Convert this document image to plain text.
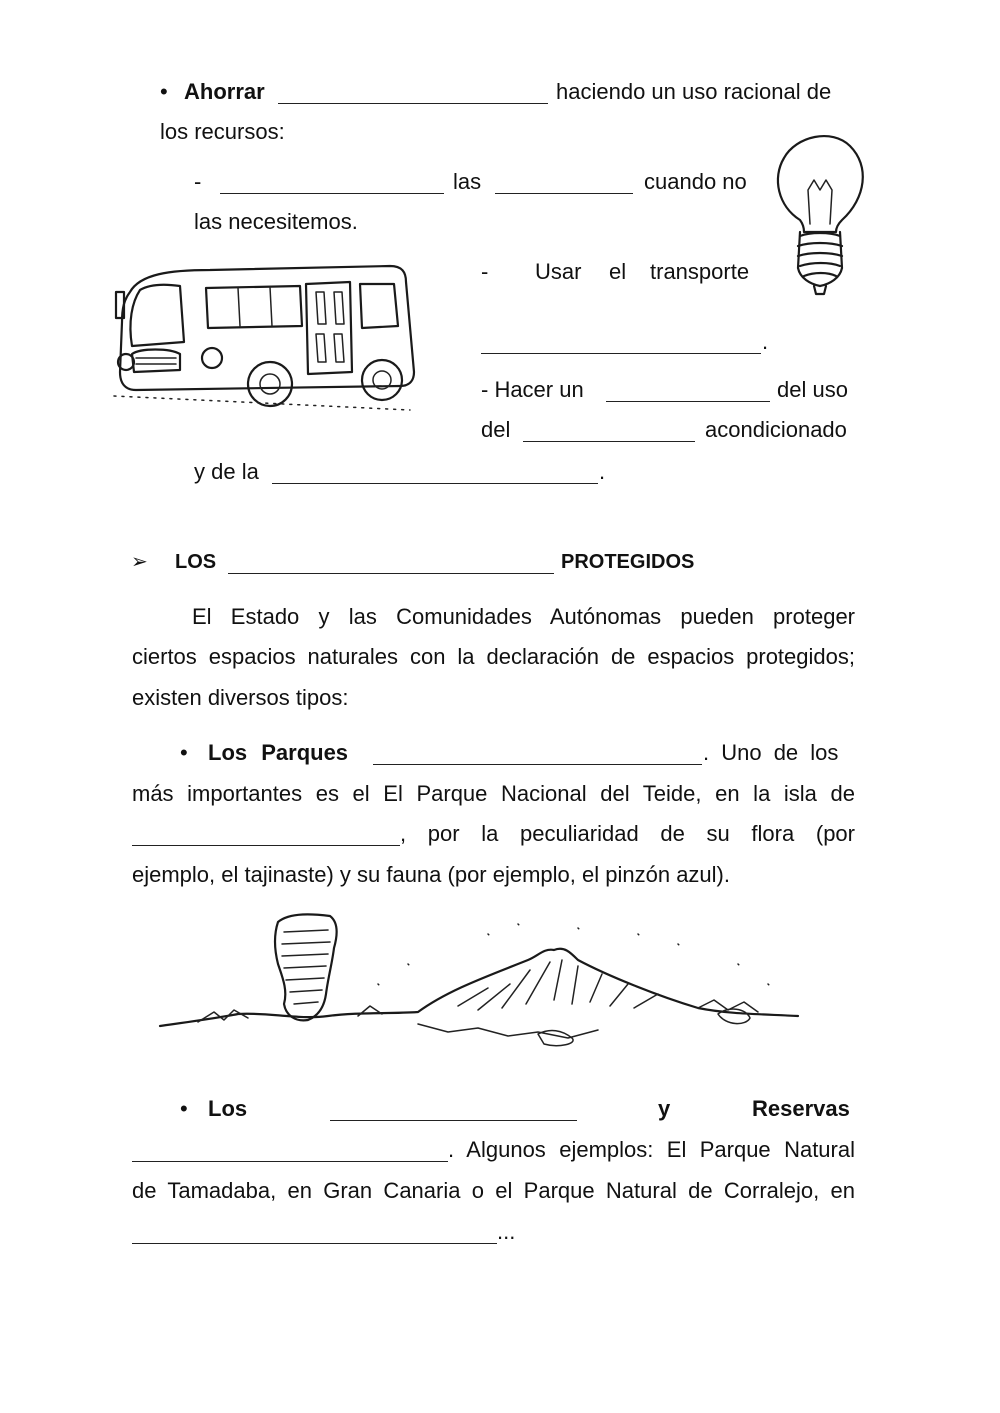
• Ahorrar	haciendo un uso racional de
los recursos:
-	las	cuando no
las necesitemos.
- Usar el transporte
.
- Hacer un	del uso
del	acondicionado
y de la	.
➢ LOS	PROTEGIDOS
El Estado y las Comunidades Autónomas pueden proteger
ciertos espacios naturales con la declaración de espacios protegidos;
existen diversos tipos:
• Los Parques	. Uno de los
más importantes es el El Parque Nacional del Teide, en la isla de
, por la peculiaridad de su flora (por
ejemplo, el tajinaste) y su fauna (por ejemplo, el pinzón azul).
• Los	y	Reservas
. Algunos ejemplos: El Parque Natural
de Tamadaba, en Gran Canaria o el Parque Natural de Corralejo, en
...
